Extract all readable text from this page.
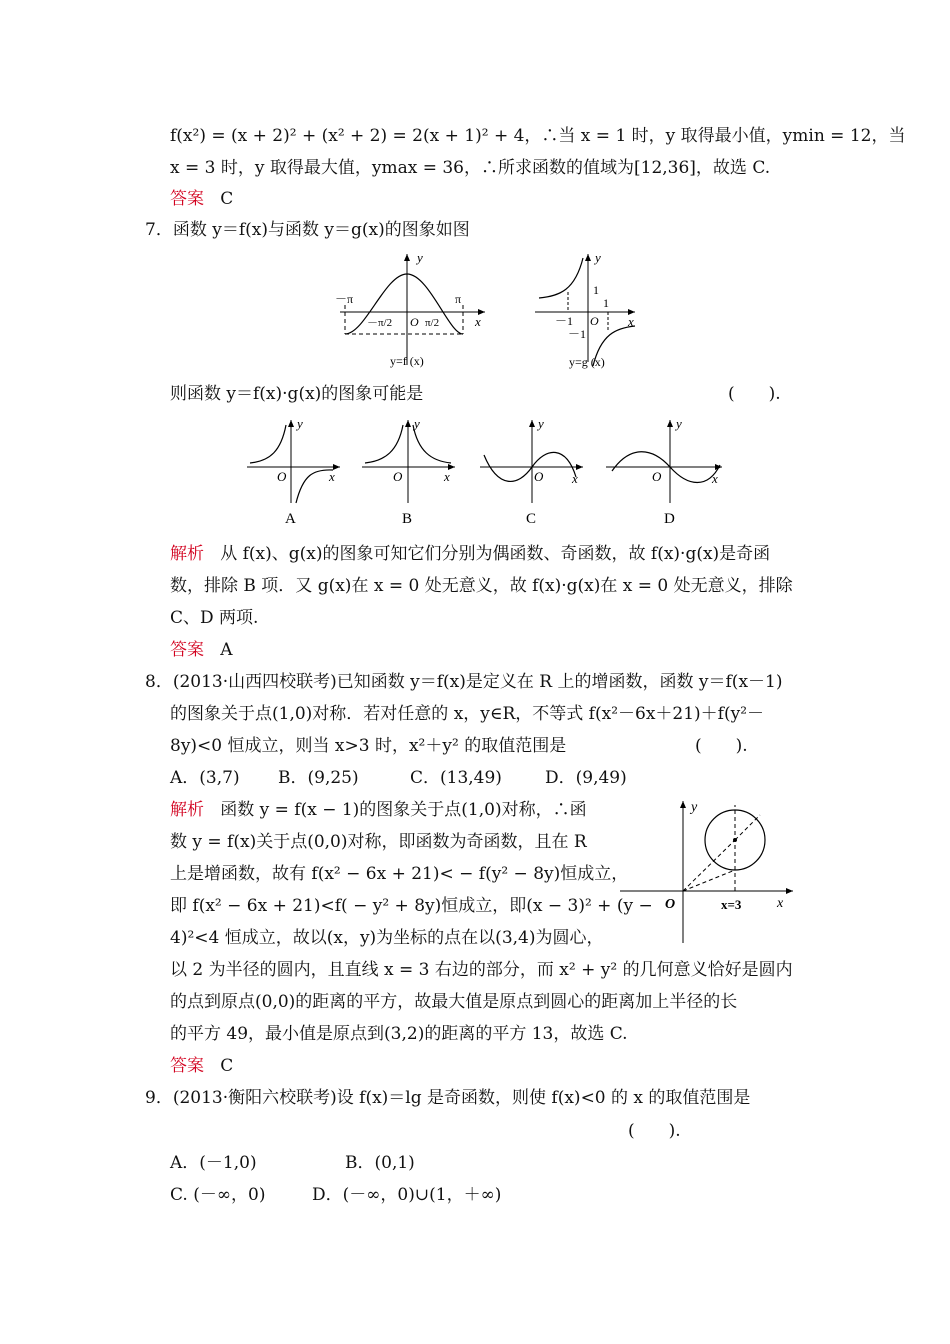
f(x²) = (x + 2)² + (x² + 2) = 2(x + 1)² + 4，∴当 x = 1 时，y 取得最小值，ymin = 12，当
x = 3 时，y 取得最大值，ymax = 36，∴所求函数的值域为[12,36]，故选 C.
答案 C
7．函数 y＝f(x)与函数 y＝g(x)的图象如图
y
x
－π	π
－π/2 O π/2
y=f (x)
y
x
1
1
－1 O
－1
y=g (x)
则函数 y＝f(x)·g(x)的图象可能是	(　　).
y
x
O
A
y
x
O
B
y
x
O
C
y
x
O
D
解析 从 f(x)、g(x)的图象可知它们分别为偶函数、奇函数，故 f(x)·g(x)是奇函
数，排除 B 项．又 g(x)在 x = 0 处无意义，故 f(x)·g(x)在 x = 0 处无意义，排除
C、D 两项.
答案 A
8．(2013·山西四校联考)已知函数 y＝f(x)是定义在 R 上的增函数，函数 y＝f(x－1)
的图象关于点(1,0)对称．若对任意的 x，y∈R，不等式 f(x²－6x＋21)＋f(y²－
8y)<0 恒成立，则当 x>3 时，x²＋y² 的取值范围是	(　　).
A．(3,7) B．(9,25)	C．(13,49)	D．(9,49)
解析 函数 y = f(x − 1)的图象关于点(1,0)对称，∴函
数 y = f(x)关于点(0,0)对称，即函数为奇函数，且在 R
上是增函数，故有 f(x² − 6x + 21)< − f(y² − 8y)恒成立，
即 f(x² − 6x + 21)<f( − y² + 8y)恒成立，即(x − 3)² + (y −
4)²<4 恒成立，故以(x，y)为坐标的点在以(3,4)为圆心，
以 2 为半径的圆内，且直线 x = 3 右边的部分，而 x² + y² 的几何意义恰好是圆内
的点到原点(0,0)的距离的平方，故最大值是原点到圆心的距离加上半径的长
的平方 49，最小值是原点到(3,2)的距离的平方 13，故选 C.
y
x
O	x=3
答案 C
9．(2013·衡阳六校联考)设 f(x)＝lg 是奇函数，则使 f(x)<0 的 x 的取值范围是
(　　).
A．(－1,0)	B．(0,1)
C. (－∞，0)	D．(－∞，0)∪(1，＋∞)
